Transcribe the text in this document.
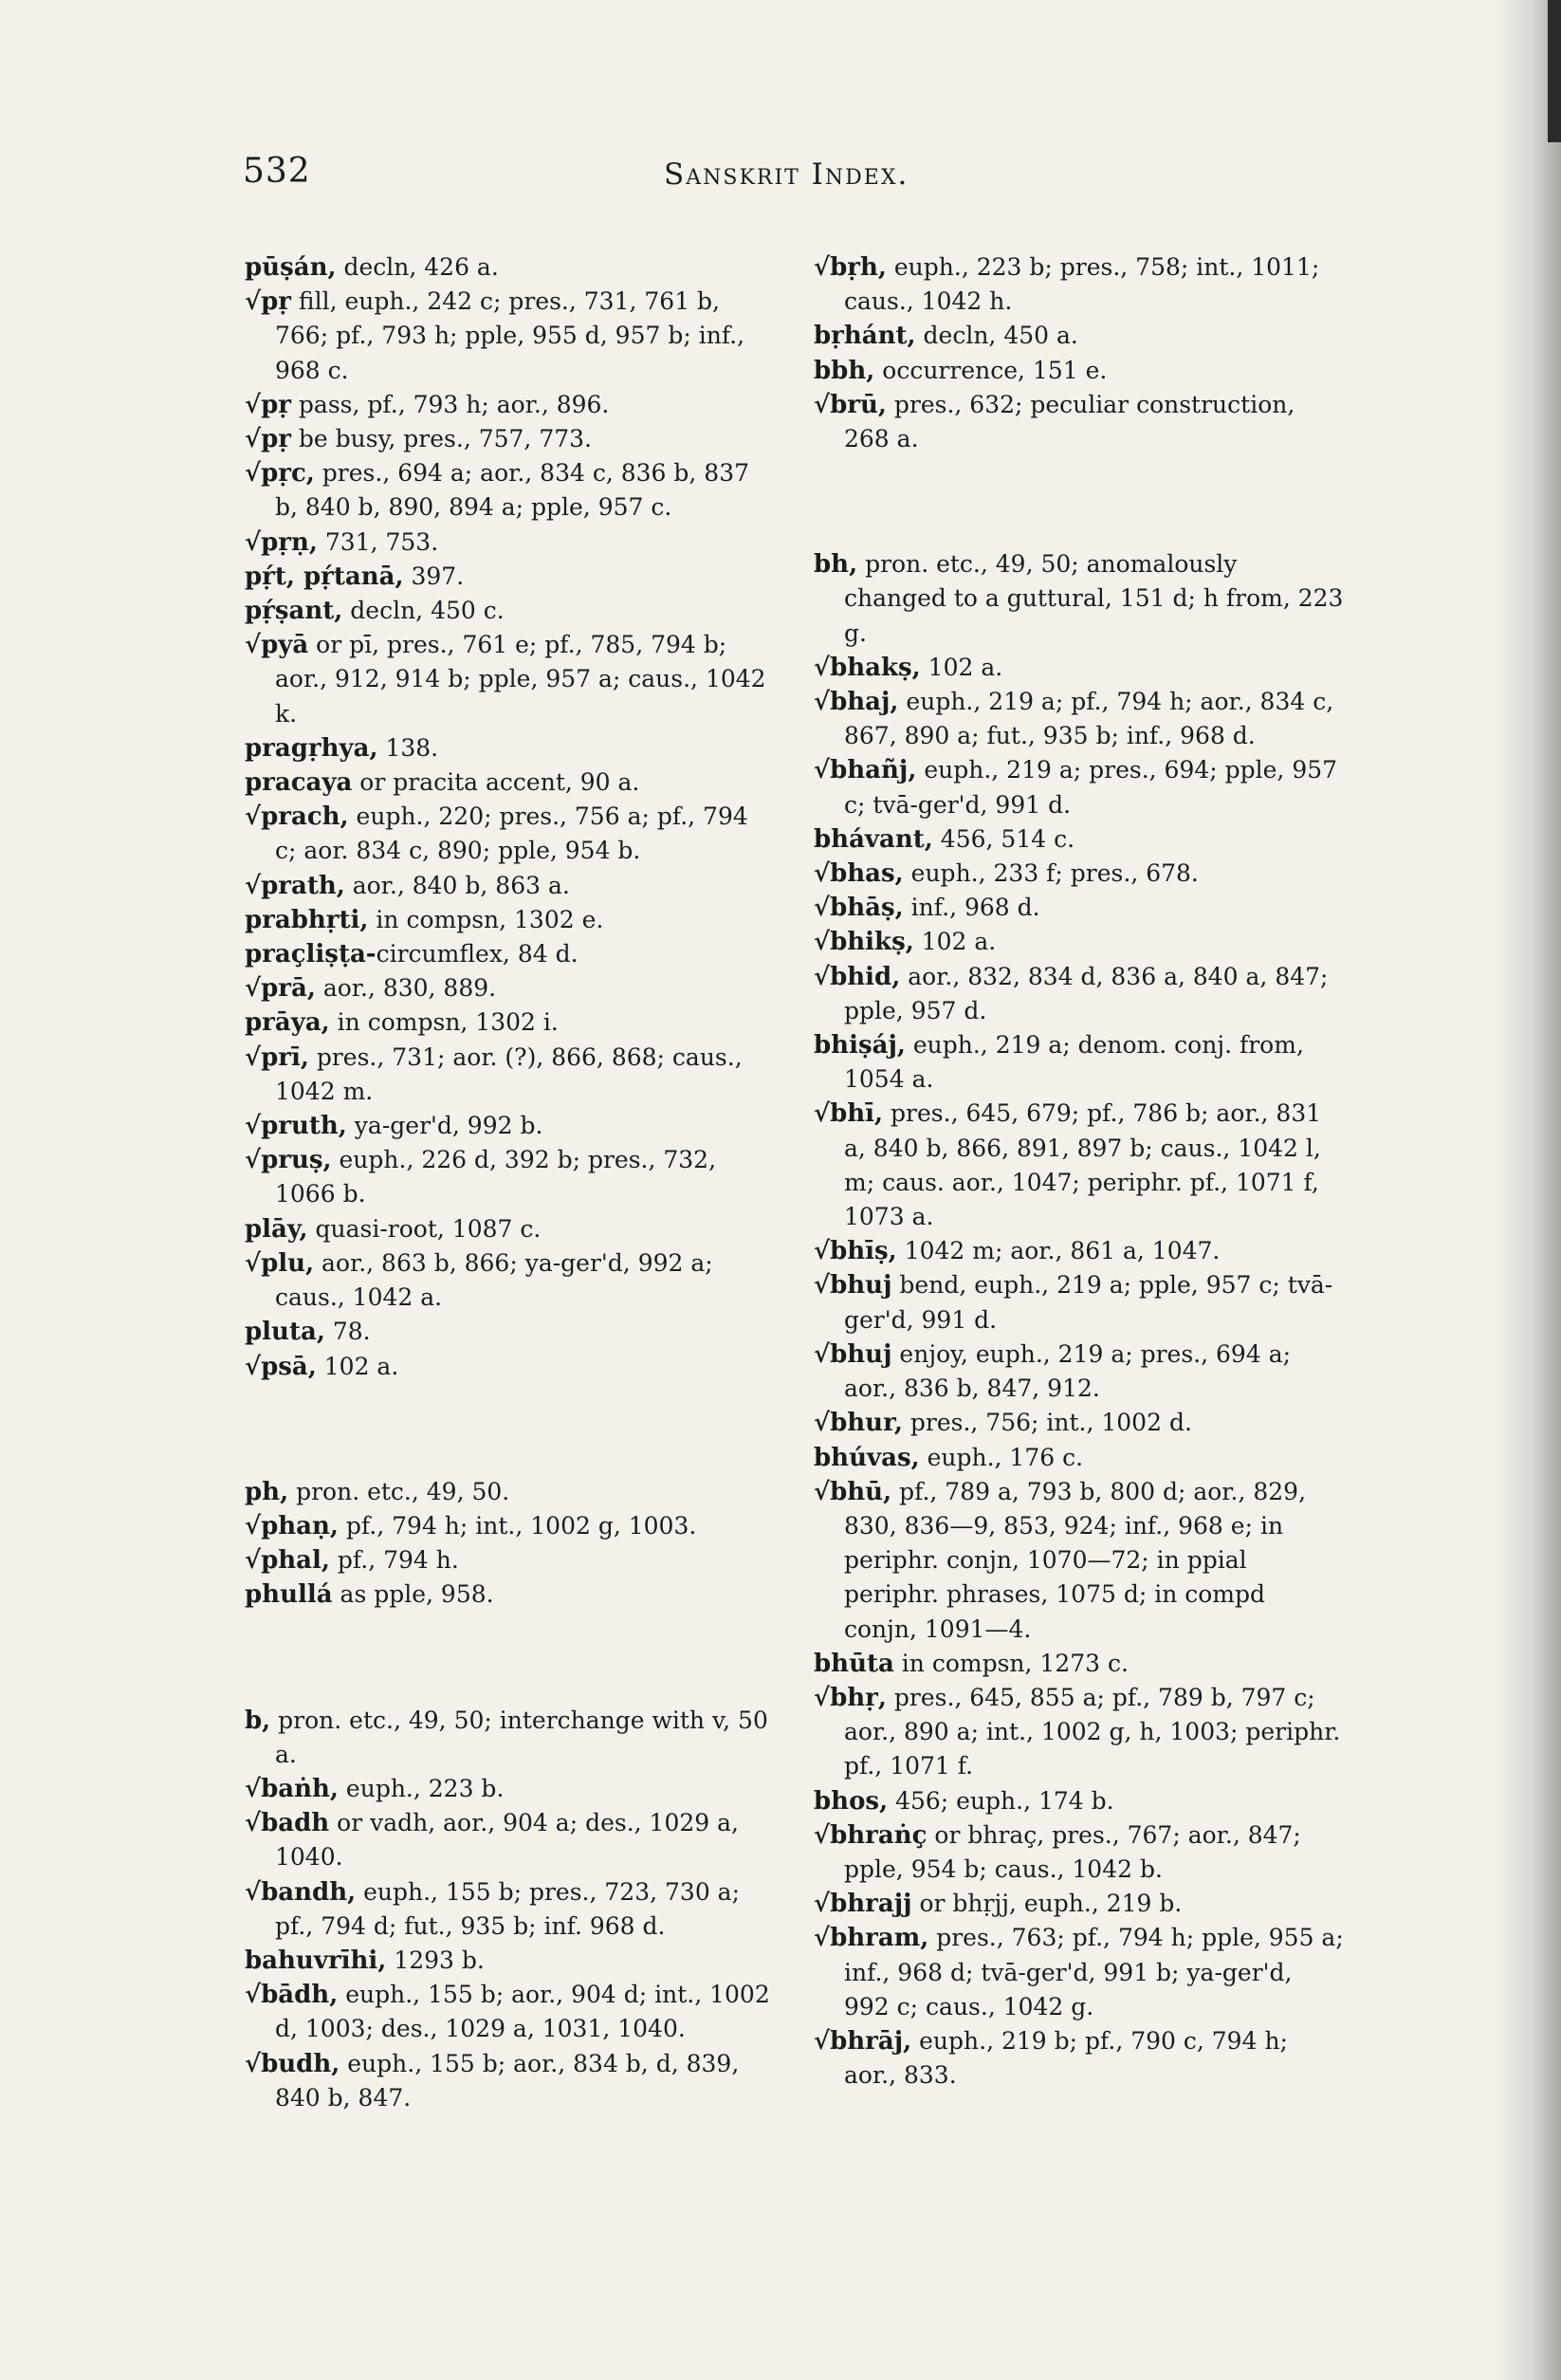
532	Sanskrit Index.

pūṣán, decln, 426 a.

√pṛ fill, euph., 242 c; pres., 731, 761 b, 766; pf., 793 h; pple, 955 d, 957 b; inf., 968 c.

√pṛ pass, pf., 793 h; aor., 896.

√pṛ be busy, pres., 757, 773.

√pṛc, pres., 694 a; aor., 834 c, 836 b, 837 b, 840 b, 890, 894 a; pple, 957 c.

√pṛṇ, 731, 753.

pṛ́t, pṛ́tanā, 397.

pṛ́ṣant, decln, 450 c.

√pyā or pī, pres., 761 e; pf., 785, 794 b; aor., 912, 914 b; pple, 957 a; caus., 1042 k.

pragṛhya, 138.

pracaya or pracita accent, 90 a.

√prach, euph., 220; pres., 756 a; pf., 794 c; aor. 834 c, 890; pple, 954 b.

√prath, aor., 840 b, 863 a.

prabhṛti, in compsn, 1302 e.

praçliṣṭa-circumflex, 84 d.

√prā, aor., 830, 889.

prāya, in compsn, 1302 i.

√prī, pres., 731; aor. (?), 866, 868; caus., 1042 m.

√pruth, ya-ger'd, 992 b.

√pruṣ, euph., 226 d, 392 b; pres., 732, 1066 b.

plāy, quasi-root, 1087 c.

√plu, aor., 863 b, 866; ya-ger'd, 992 a; caus., 1042 a.

pluta, 78.

√psā, 102 a.

ph, pron. etc., 49, 50.

√phaṇ, pf., 794 h; int., 1002 g, 1003.

√phal, pf., 794 h.

phullá as pple, 958.

b, pron. etc., 49, 50; interchange with v, 50 a.

√baṅh, euph., 223 b.

√badh or vadh, aor., 904 a; des., 1029 a, 1040.

√bandh, euph., 155 b; pres., 723, 730 a; pf., 794 d; fut., 935 b; inf. 968 d.

bahuvrīhi, 1293 b.

√bādh, euph., 155 b; aor., 904 d; int., 1002 d, 1003; des., 1029 a, 1031, 1040.

√budh, euph., 155 b; aor., 834 b, d, 839, 840 b, 847.

√bṛh, euph., 223 b; pres., 758; int., 1011; caus., 1042 h.

bṛhánt, decln, 450 a.

bbh, occurrence, 151 e.

√brū, pres., 632; peculiar construction, 268 a.

bh, pron. etc., 49, 50; anomalously changed to a guttural, 151 d; h from, 223 g.

√bhakṣ, 102 a.

√bhaj, euph., 219 a; pf., 794 h; aor., 834 c, 867, 890 a; fut., 935 b; inf., 968 d.

√bhañj, euph., 219 a; pres., 694; pple, 957 c; tvā-ger'd, 991 d.

bhávant, 456, 514 c.

√bhas, euph., 233 f; pres., 678.

√bhāṣ, inf., 968 d.

√bhikṣ, 102 a.

√bhid, aor., 832, 834 d, 836 a, 840 a, 847; pple, 957 d.

bhiṣáj, euph., 219 a; denom. conj. from, 1054 a.

√bhī, pres., 645, 679; pf., 786 b; aor., 831 a, 840 b, 866, 891, 897 b; caus., 1042 l, m; caus. aor., 1047; periphr. pf., 1071 f, 1073 a.

√bhīṣ, 1042 m; aor., 861 a, 1047.

√bhuj bend, euph., 219 a; pple, 957 c; tvā-ger'd, 991 d.

√bhuj enjoy, euph., 219 a; pres., 694 a; aor., 836 b, 847, 912.

√bhur, pres., 756; int., 1002 d.

bhúvas, euph., 176 c.

√bhū, pf., 789 a, 793 b, 800 d; aor., 829, 830, 836—9, 853, 924; inf., 968 e; in periphr. conjn, 1070—72; in ppial periphr. phrases, 1075 d; in compd conjn, 1091—4.

bhūta in compsn, 1273 c.

√bhṛ, pres., 645, 855 a; pf., 789 b, 797 c; aor., 890 a; int., 1002 g, h, 1003; periphr. pf., 1071 f.

bhos, 456; euph., 174 b.

√bhraṅç or bhraç, pres., 767; aor., 847; pple, 954 b; caus., 1042 b.

√bhrajj or bhṛjj, euph., 219 b.

√bhram, pres., 763; pf., 794 h; pple, 955 a; inf., 968 d; tvā-ger'd, 991 b; ya-ger'd, 992 c; caus., 1042 g.

√bhrāj, euph., 219 b; pf., 790 c, 794 h; aor., 833.
